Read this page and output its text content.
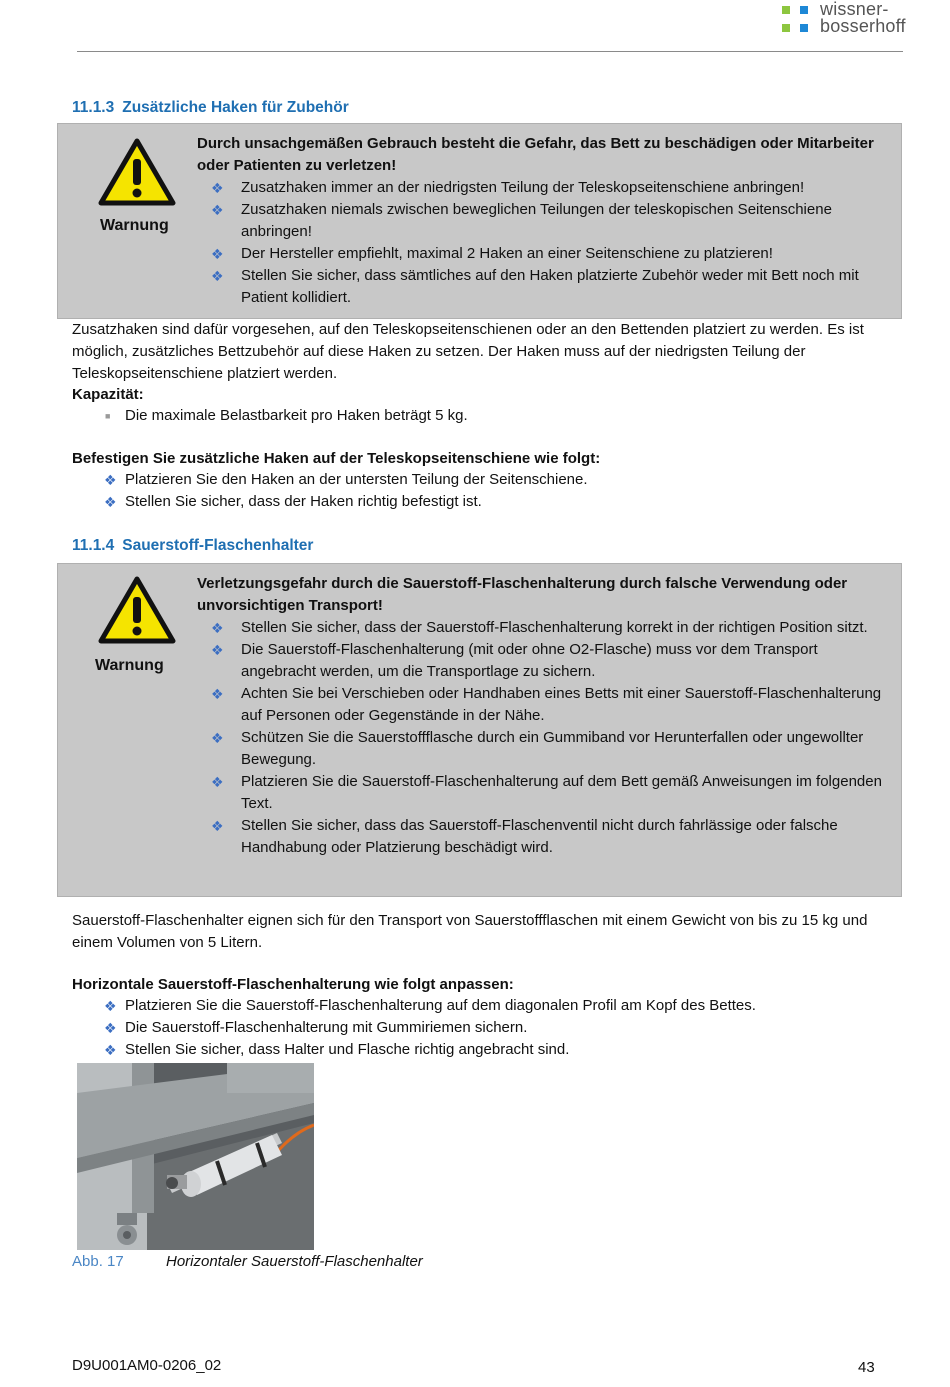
wissner-
bosserhoff
11.1.3 Zusätzliche Haken für Zubehör
Warnung
Durch unsachgemäßen Gebrauch besteht die Gefahr, das Bett zu beschädigen oder Mitarbeiter oder Patienten zu verletzen!
❖ Zusatzhaken immer an der niedrigsten Teilung der Teleskopseitenschiene anbringen!
❖ Zusatzhaken niemals zwischen beweglichen Teilungen der teleskopischen Seitenschiene anbringen!
❖ Der Hersteller empfiehlt, maximal 2 Haken an einer Seitenschiene zu platzieren!
❖ Stellen Sie sicher, dass sämtliches auf den Haken platzierte Zubehör weder mit Bett noch mit Patient kollidiert.
Zusatzhaken sind dafür vorgesehen, auf den Teleskopseitenschienen oder an den Bettenden platziert zu werden. Es ist möglich, zusätzliches Bettzubehör auf diese Haken zu setzen. Der Haken muss auf der niedrigsten Teilung der Teleskopseitenschiene platziert werden.
Kapazität:
■ Die maximale Belastbarkeit pro Haken beträgt 5 kg.
Befestigen Sie zusätzliche Haken auf der Teleskopseitenschiene wie folgt:
❖ Platzieren Sie den Haken an der untersten Teilung der Seitenschiene.
❖ Stellen Sie sicher, dass der Haken richtig befestigt ist.
11.1.4 Sauerstoff-Flaschenhalter
Warnung
Verletzungsgefahr durch die Sauerstoff-Flaschenhalterung durch falsche Verwendung oder unvorsichtigen Transport!
❖ Stellen Sie sicher, dass der Sauerstoff-Flaschenhalterung korrekt in der richtigen Position sitzt.
❖ Die Sauerstoff-Flaschenhalterung (mit oder ohne O2-Flasche) muss vor dem Transport angebracht werden, um die Transportlage zu sichern.
❖ Achten Sie bei Verschieben oder Handhaben eines Betts mit einer Sauerstoff-Flaschenhalterung auf Personen oder Gegenstände in der Nähe.
❖ Schützen Sie die Sauerstoffflasche durch ein Gummiband vor Herunterfallen oder ungewollter Bewegung.
❖ Platzieren Sie die Sauerstoff-Flaschenhalterung auf dem Bett gemäß Anweisungen im folgenden Text.
❖ Stellen Sie sicher, dass das Sauerstoff-Flaschenventil nicht durch fahrlässige oder falsche Handhabung oder Platzierung beschädigt wird.
Sauerstoff-Flaschenhalter eignen sich für den Transport von Sauerstoffflaschen mit einem Gewicht von bis zu 15 kg und einem Volumen von 5 Litern.
Horizontale Sauerstoff-Flaschenhalterung wie folgt anpassen:
❖ Platzieren Sie die Sauerstoff-Flaschenhalterung auf dem diagonalen Profil am Kopf des Bettes.
❖ Die Sauerstoff-Flaschenhalterung mit Gummiriemen sichern.
❖ Stellen Sie sicher, dass Halter und Flasche richtig angebracht sind.
Abb. 17	Horizontaler Sauerstoff-Flaschenhalter
D9U001AM0-0206_02	43
